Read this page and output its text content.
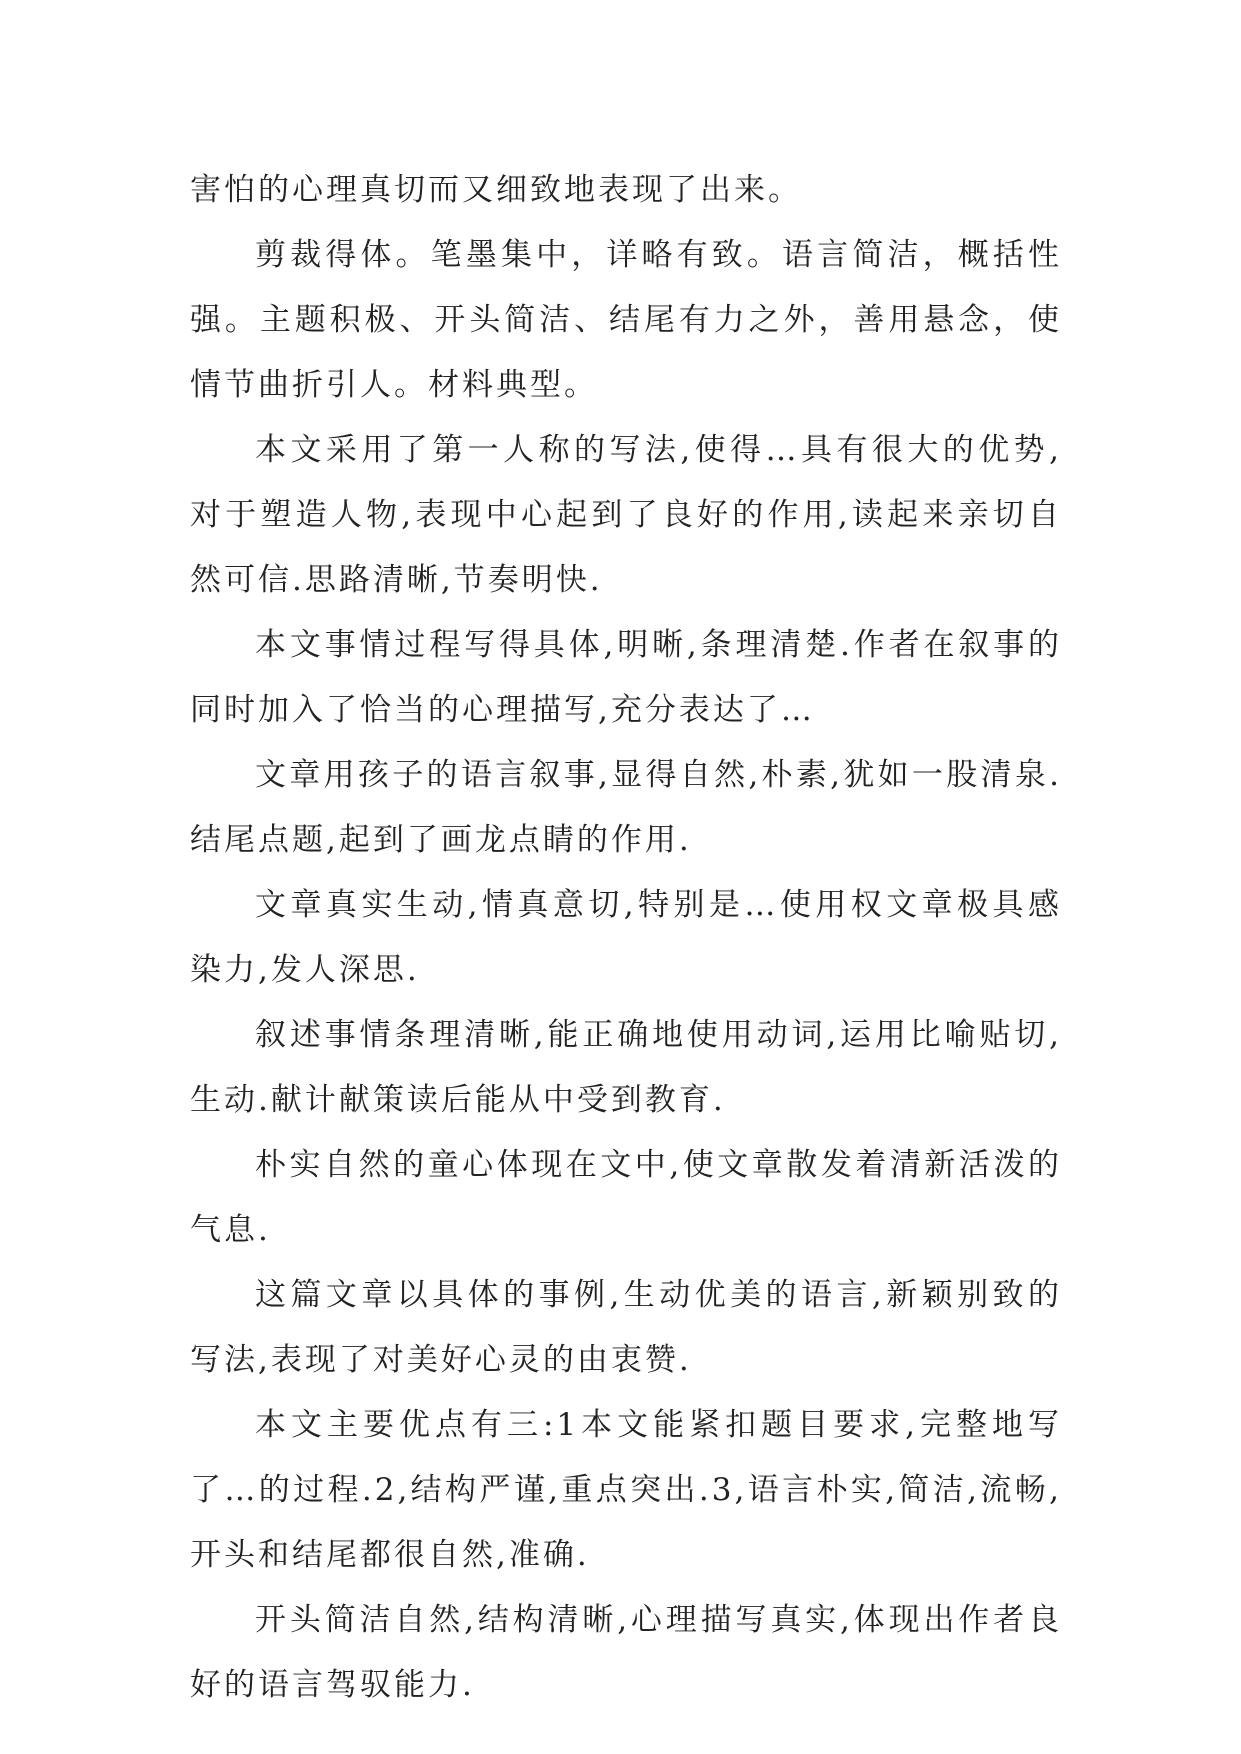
害怕的心理真切而又细致地表现了出来。

剪裁得体。笔墨集中，详略有致。语言简洁，概括性强。主题积极、开头简洁、结尾有力之外，善用悬念，使情节曲折引人。材料典型。

本文采用了第一人称的写法,使得…具有很大的优势,对于塑造人物,表现中心起到了良好的作用,读起来亲切自然可信.思路清晰,节奏明快.

本文事情过程写得具体,明晰,条理清楚.作者在叙事的同时加入了恰当的心理描写,充分表达了…

文章用孩子的语言叙事,显得自然,朴素,犹如一股清泉.结尾点题,起到了画龙点睛的作用.

文章真实生动,情真意切,特别是…使用权文章极具感染力,发人深思.

叙述事情条理清晰,能正确地使用动词,运用比喻贴切,生动.献计献策读后能从中受到教育.

朴实自然的童心体现在文中,使文章散发着清新活泼的气息.

这篇文章以具体的事例,生动优美的语言,新颖别致的写法,表现了对美好心灵的由衷赞.

本文主要优点有三:1本文能紧扣题目要求,完整地写了…的过程.2,结构严谨,重点突出.3,语言朴实,简洁,流畅,开头和结尾都很自然,准确.

开头简洁自然,结构清晰,心理描写真实,体现出作者良好的语言驾驭能力.
